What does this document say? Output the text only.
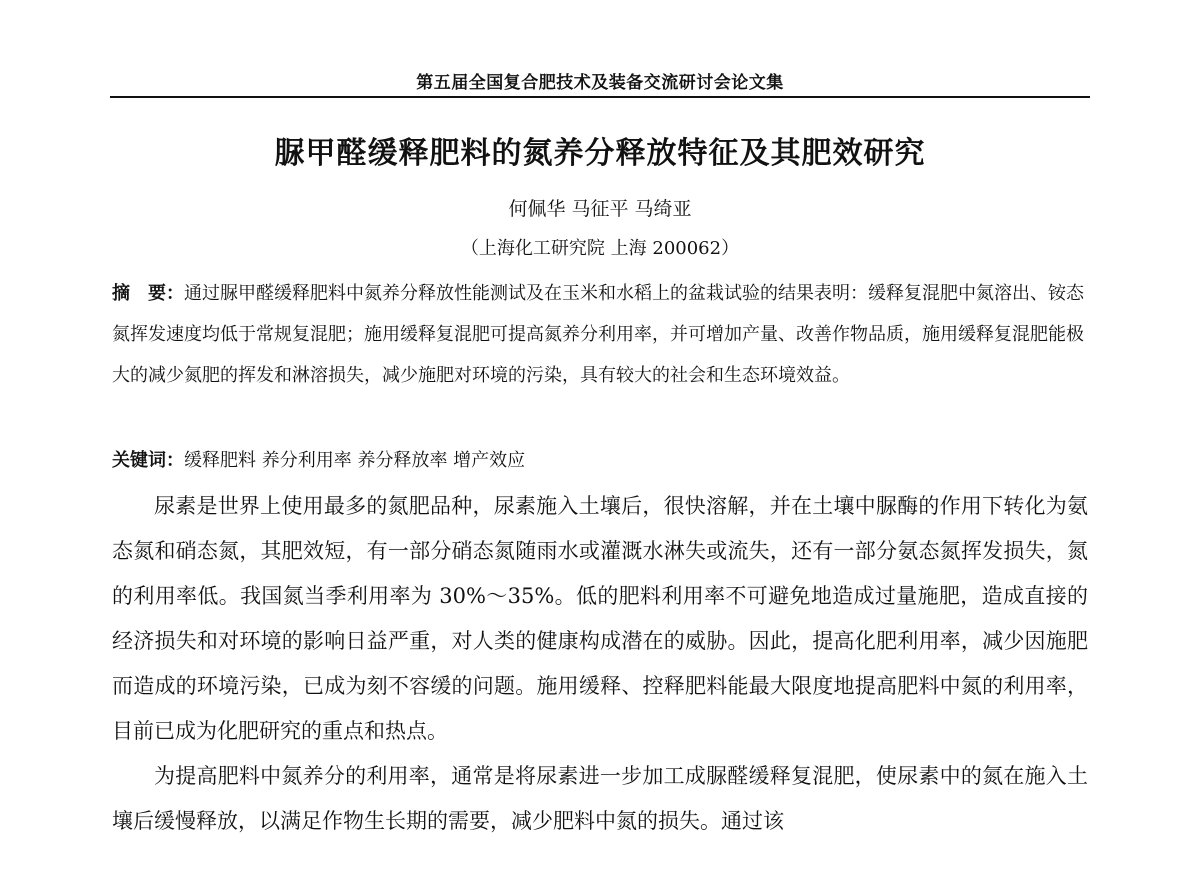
第五届全国复合肥技术及装备交流研讨会论文集
脲甲醛缓释肥料的氮养分释放特征及其肥效研究
何佩华 马征平 马绮亚
（上海化工研究院 上海 200062）
摘　要：通过脲甲醛缓释肥料中氮养分释放性能测试及在玉米和水稻上的盆栽试验的结果表明：缓释复混肥中氮溶出、铵态氮挥发速度均低于常规复混肥；施用缓释复混肥可提高氮养分利用率，并可增加产量、改善作物品质，施用缓释复混肥能极大的减少氮肥的挥发和淋溶损失，减少施肥对环境的污染，具有较大的社会和生态环境效益。
关键词：缓释肥料 养分利用率 养分释放率 增产效应

尿素是世界上使用最多的氮肥品种，尿素施入土壤后，很快溶解，并在土壤中脲酶的作用下转化为氨态氮和硝态氮，其肥效短，有一部分硝态氮随雨水或灌溉水淋失或流失，还有一部分氨态氮挥发损失，氮的利用率低。我国氮当季利用率为 30%～35%。低的肥料利用率不可避免地造成过量施肥，造成直接的经济损失和对环境的影响日益严重，对人类的健康构成潜在的威胁。因此，提高化肥利用率，减少因施肥而造成的环境污染，已成为刻不容缓的问题。施用缓释、控释肥料能最大限度地提高肥料中氮的利用率，目前已成为化肥研究的重点和热点。

为提高肥料中氮养分的利用率，通常是将尿素进一步加工成脲醛缓释复混肥，使尿素中的氮在施入土壤后缓慢释放，以满足作物生长期的需要，减少肥料中氮的损失。通过该
